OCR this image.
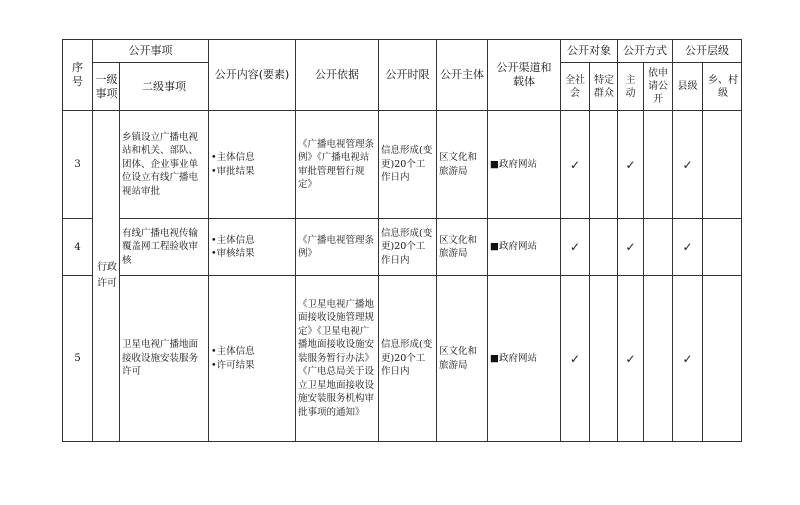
序号	公开事项		公开内容(要素)	公开依据	公开时限	公开主体	公开渠道和载体	公开对象		公开方式		公开层级	
	一级事项	二级事项						全社会	特定群众	主动	依申请公开	县级	乡、村级
3	行政许可	乡镇设立广播电视站和机关、部队、团体、企业事业单位设立有线广播电视站审批	•主体信息
•审批结果	《广播电视管理条例》《广播电视站审批管理暂行规定》	信息形成(变更)20个工作日内	区文化和旅游局	■政府网站	✓		✓		✓	
4		有线广播电视传输覆盖网工程验收审核	•主体信息
•审核结果	《广播电视管理条例》	信息形成(变更)20个工作日内	区文化和旅游局	■政府网站	✓		✓		✓	
5		卫星电视广播地面接收设施安装服务许可	•主体信息
•许可结果	《卫星电视广播地面接收设施管理规定》《卫星电视广播地面接收设施安装服务暂行办法》《广电总局关于设立卫星地面接收设施安装服务机构审批事项的通知》	信息形成(变更)20个工作日内	区文化和旅游局	■政府网站	✓		✓		✓	
